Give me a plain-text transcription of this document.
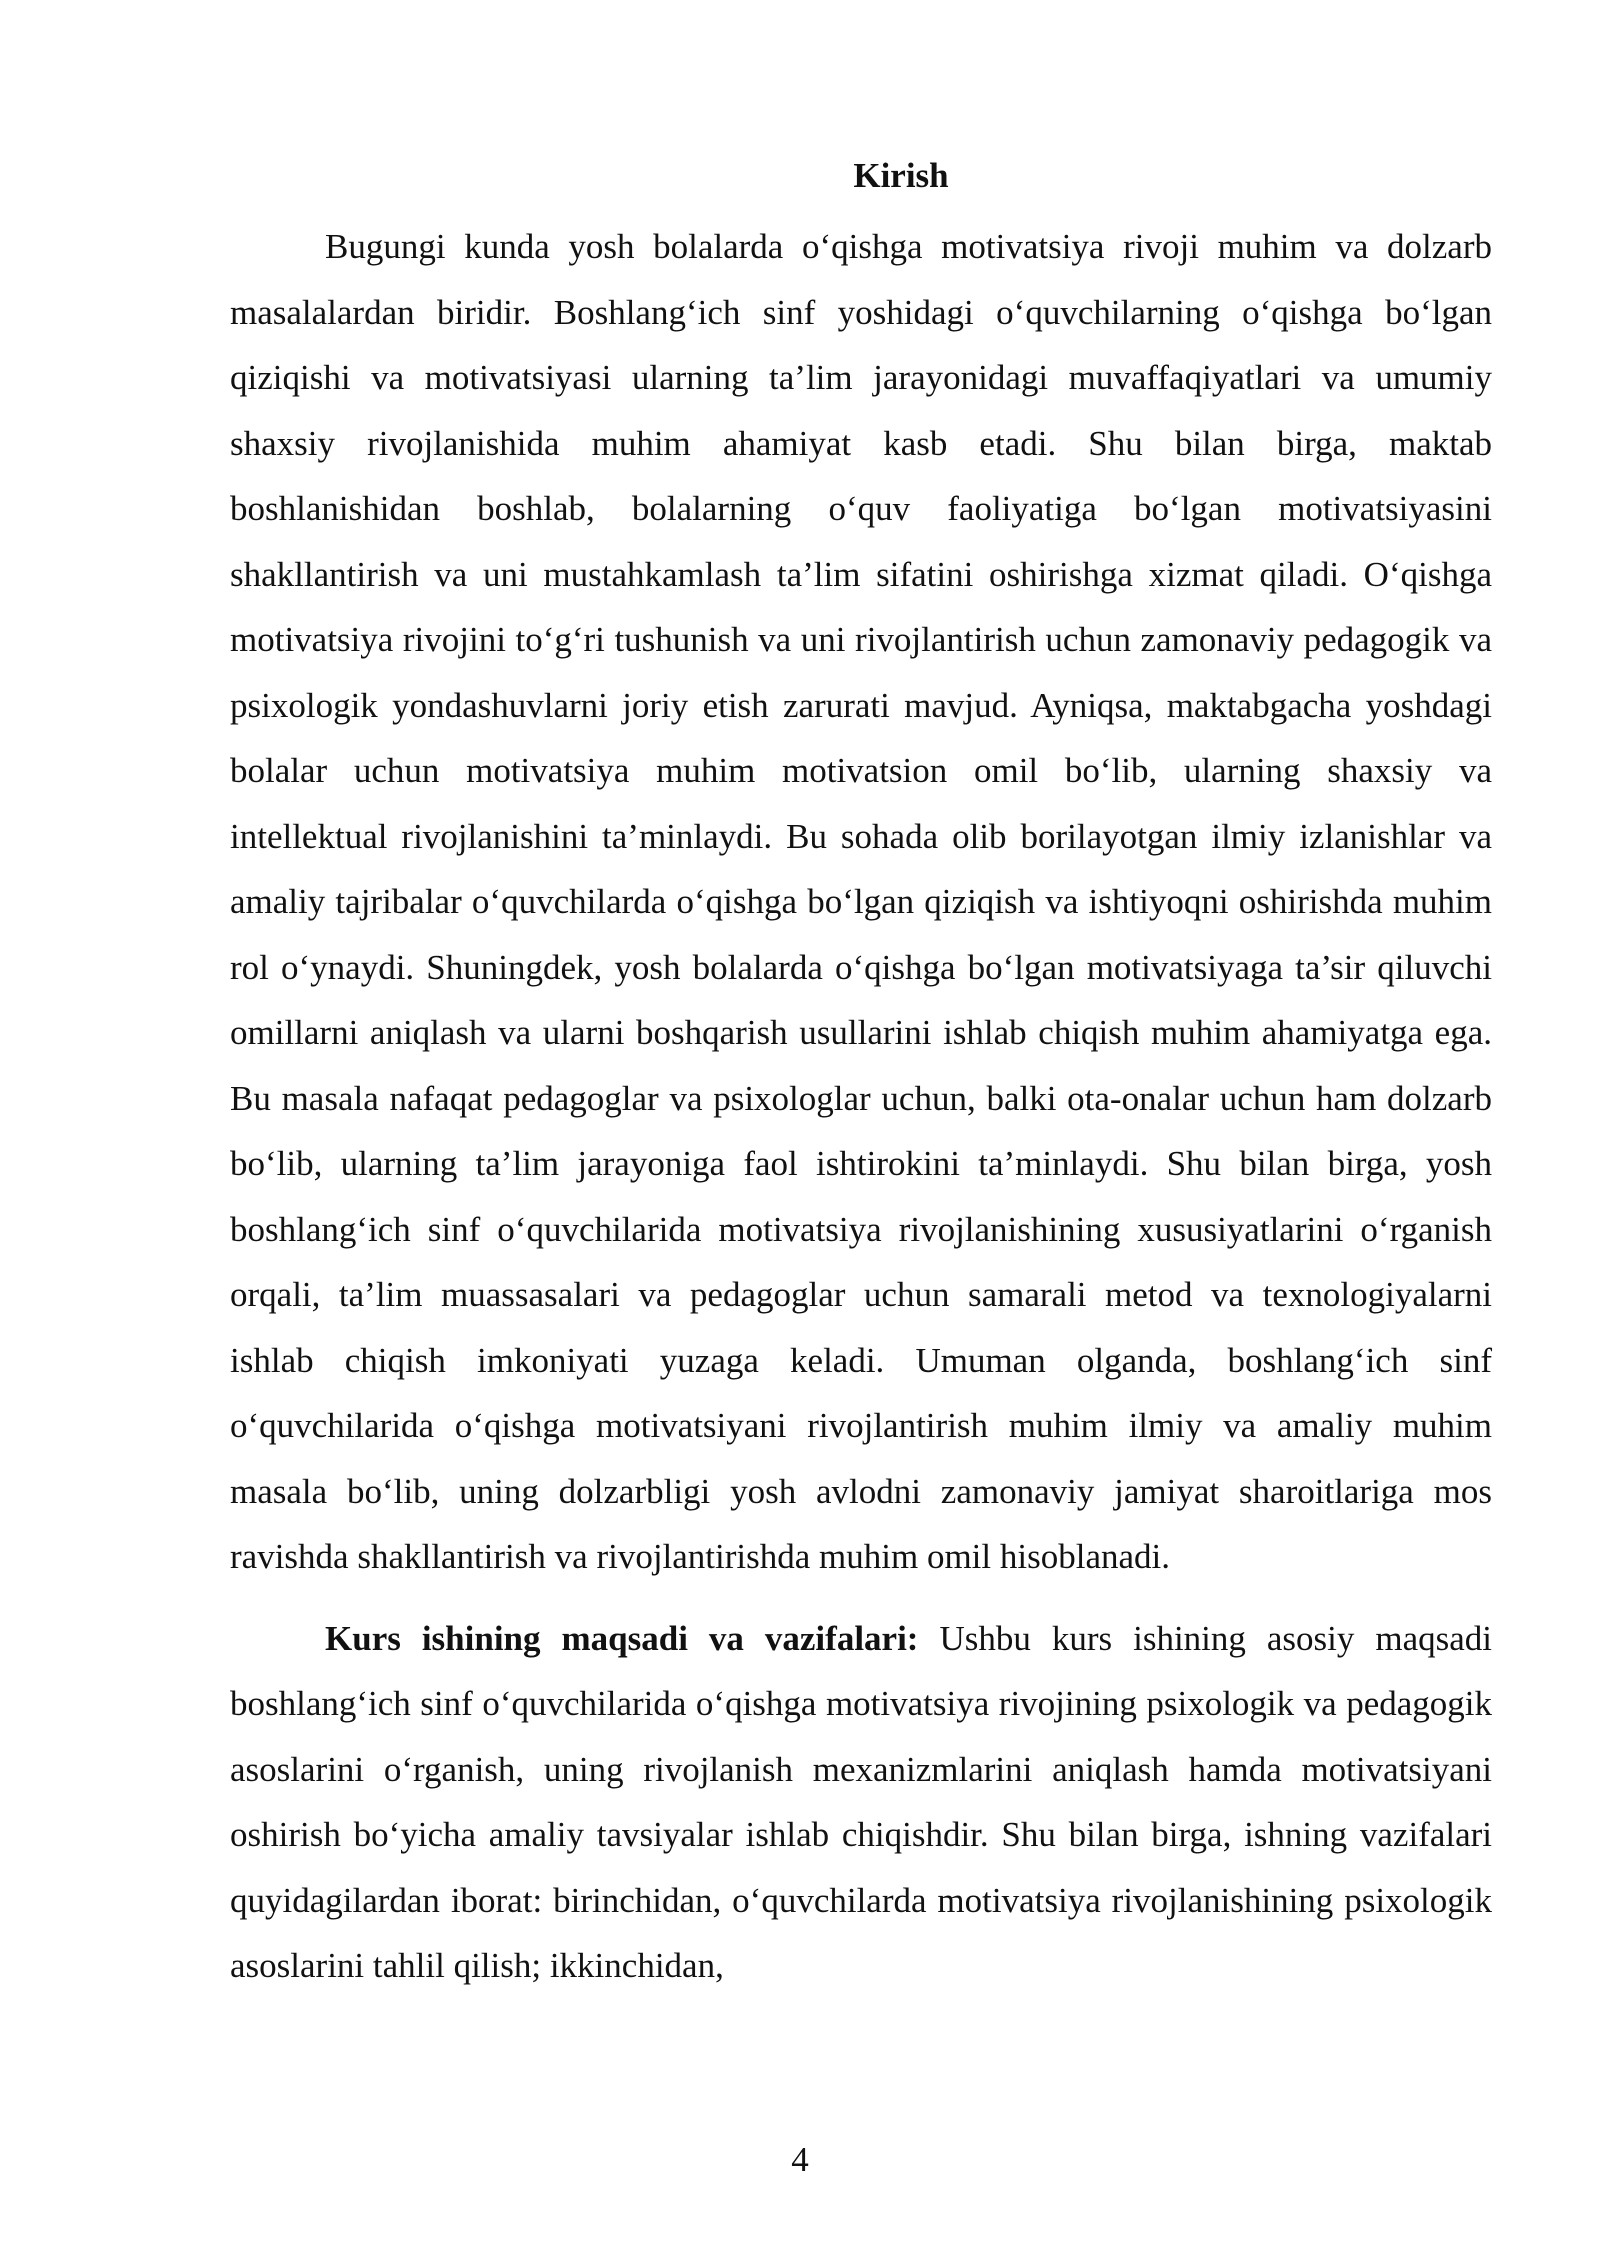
Kirish

Bugungi kunda yosh bolalarda o‘qishga motivatsiya rivoji muhim va dolzarb masalalardan biridir. Boshlang‘ich sinf yoshidagi o‘quvchilarning o‘qishga bo‘lgan qiziqishi va motivatsiyasi ularning ta’lim jarayonidagi muvaffaqiyatlari va umumiy shaxsiy rivojlanishida muhim ahamiyat kasb etadi. Shu bilan birga, maktab boshlanishidan boshlab, bolalarning o‘quv faoliyatiga bo‘lgan motivatsiyasini shakllantirish va uni mustahkamlash ta’lim sifatini oshirishga xizmat qiladi. O‘qishga motivatsiya rivojini to‘g‘ri tushunish va uni rivojlantirish uchun zamonaviy pedagogik va psixologik yondashuvlarni joriy etish zarurati mavjud. Ayniqsa, maktabgacha yoshdagi bolalar uchun motivatsiya muhim motivatsion omil bo‘lib, ularning shaxsiy va intellektual rivojlanishini ta’minlaydi. Bu sohada olib borilayotgan ilmiy izlanishlar va amaliy tajribalar o‘quvchilarda o‘qishga bo‘lgan qiziqish va ishtiyoqni oshirishda muhim rol o‘ynaydi. Shuningdek, yosh bolalarda o‘qishga bo‘lgan motivatsiyaga ta’sir qiluvchi omillarni aniqlash va ularni boshqarish usullarini ishlab chiqish muhim ahamiyatga ega. Bu masala nafaqat pedagoglar va psixologlar uchun, balki ota-onalar uchun ham dolzarb bo‘lib, ularning ta’lim jarayoniga faol ishtirokini ta’minlaydi. Shu bilan birga, yosh boshlang‘ich sinf o‘quvchilarida motivatsiya rivojlanishining xususiyatlarini o‘rganish orqali, ta’lim muassasalari va pedagoglar uchun samarali metod va texnologiyalarni ishlab chiqish imkoniyati yuzaga keladi. Umuman olganda, boshlang‘ich sinf o‘quvchilarida o‘qishga motivatsiyani rivojlantirish muhim ilmiy va amaliy muhim masala bo‘lib, uning dolzarbligi yosh avlodni zamonaviy jamiyat sharoitlariga mos ravishda shakllantirish va rivojlantirishda muhim omil hisoblanadi.

Kurs ishining maqsadi va vazifalari: Ushbu kurs ishining asosiy maqsadi boshlang‘ich sinf o‘quvchilarida o‘qishga motivatsiya rivojining psixologik va pedagogik asoslarini o‘rganish, uning rivojlanish mexanizmlarini aniqlash hamda motivatsiyani oshirish bo‘yicha amaliy tavsiyalar ishlab chiqishdir. Shu bilan birga, ishning vazifalari quyidagilardan iborat: birinchidan, o‘quvchilarda motivatsiya rivojlanishining psixologik asoslarini tahlil qilish; ikkinchidan,

4
